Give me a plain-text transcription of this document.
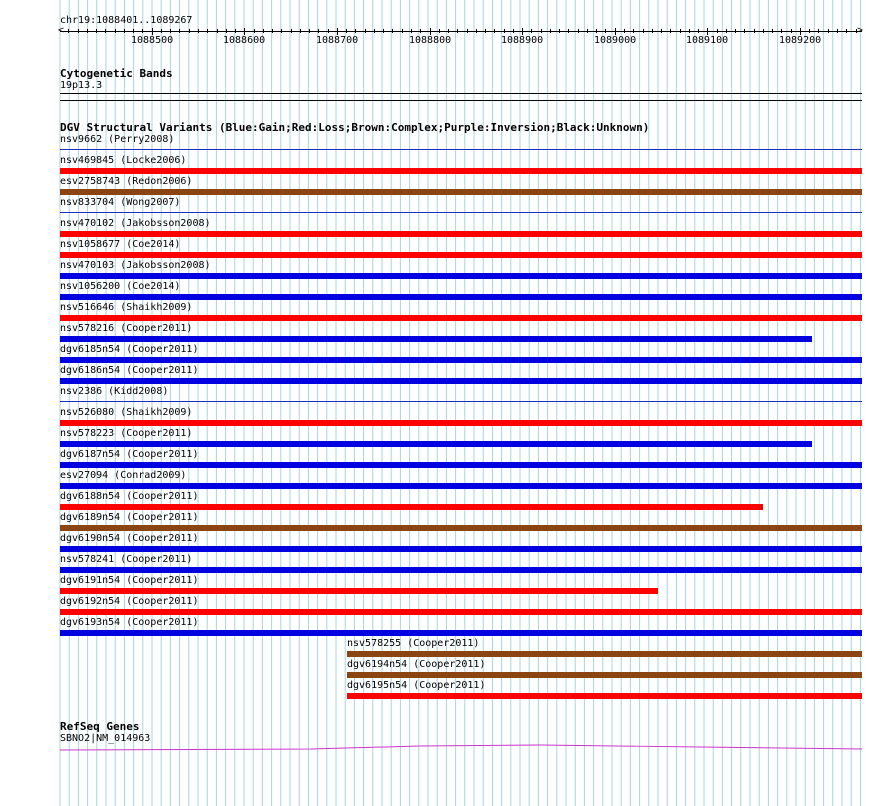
chr19:1088401..1089267
<	>
1088500	1088600	1088700	1088800	1088900	1089000	1089100	1089200
Cytogenetic Bands
19p13.3
DGV Structural Variants (Blue:Gain;Red:Loss;Brown:Complex;Purple:Inversion;Black:Unknown)
nsv9662 (Perry2008)
nsv469845 (Locke2006)
esv2758743 (Redon2006)
nsv833704 (Wong2007)
nsv470102 (Jakobsson2008)
nsv1058677 (Coe2014)
nsv470103 (Jakobsson2008)
nsv1056200 (Coe2014)
nsv516646 (Shaikh2009)
nsv578216 (Cooper2011)
dgv6185n54 (Cooper2011)
dgv6186n54 (Cooper2011)
nsv2386 (Kidd2008)
nsv526080 (Shaikh2009)
nsv578223 (Cooper2011)
dgv6187n54 (Cooper2011)
esv27094 (Conrad2009)
dgv6188n54 (Cooper2011)
dgv6189n54 (Cooper2011)
dgv6190n54 (Cooper2011)
nsv578241 (Cooper2011)
dgv6191n54 (Cooper2011)
dgv6192n54 (Cooper2011)
dgv6193n54 (Cooper2011)
nsv578255 (Cooper2011)
dgv6194n54 (Cooper2011)
dgv6195n54 (Cooper2011)
RefSeq Genes
SBNO2|NM_014963
